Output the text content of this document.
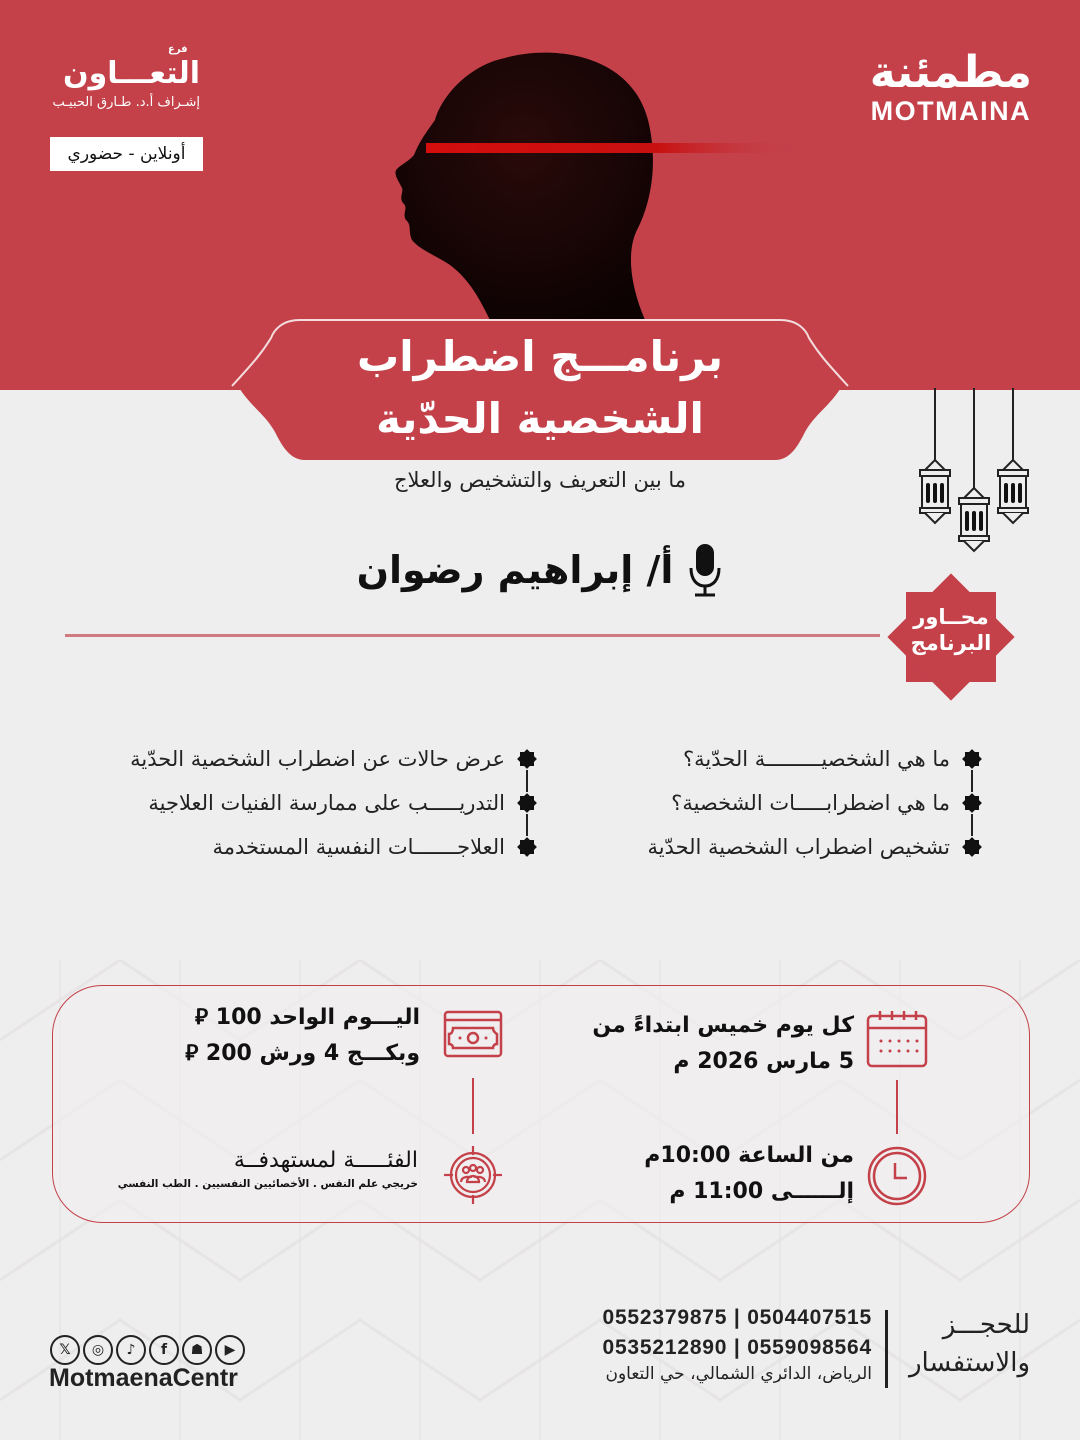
فرع
التعـــاون
إشـراف أ.د. طـارق الحبيـب
أونلاين - حضوري
مطمئنة
MOTMAINA
برنامـــج اضطراب
الشخصية الحدّية
ما بين التعريف والتشخيص والعلاج
أ/ إبراهيم رضوان
محــاور
البرنامج
ما هي الشخصيـــــــــة الحدّية؟
ما هي اضطرابـــــات الشخصية؟
تشخيص اضطراب الشخصية الحدّية
عرض حالات عن اضطراب الشخصية الحدّية
التدريـــــب على ممارسة الفنيات العلاجية
العلاجـــــــات النفسية المستخدمة
كل يوم خميس ابتداءً من
5 مارس 2026 م
من الساعة 10:00م
إلــــــى 11:00 م
اليـــوم الواحد 100 ⃁
وبكـــج 4 ورش 200 ⃁
الفئـــــة لمستهدفــة
خريجي علم النفس . الأخصائيين النفسيين . الطب النفسي
للحجـــز
والاستفسار
0552379875 | 0504407515
0535212890 | 0559098564
الرياض، الدائري الشمالي، حي التعاون
𝕏	◎	♪	f	☗	▶
MotmaenaCentr
